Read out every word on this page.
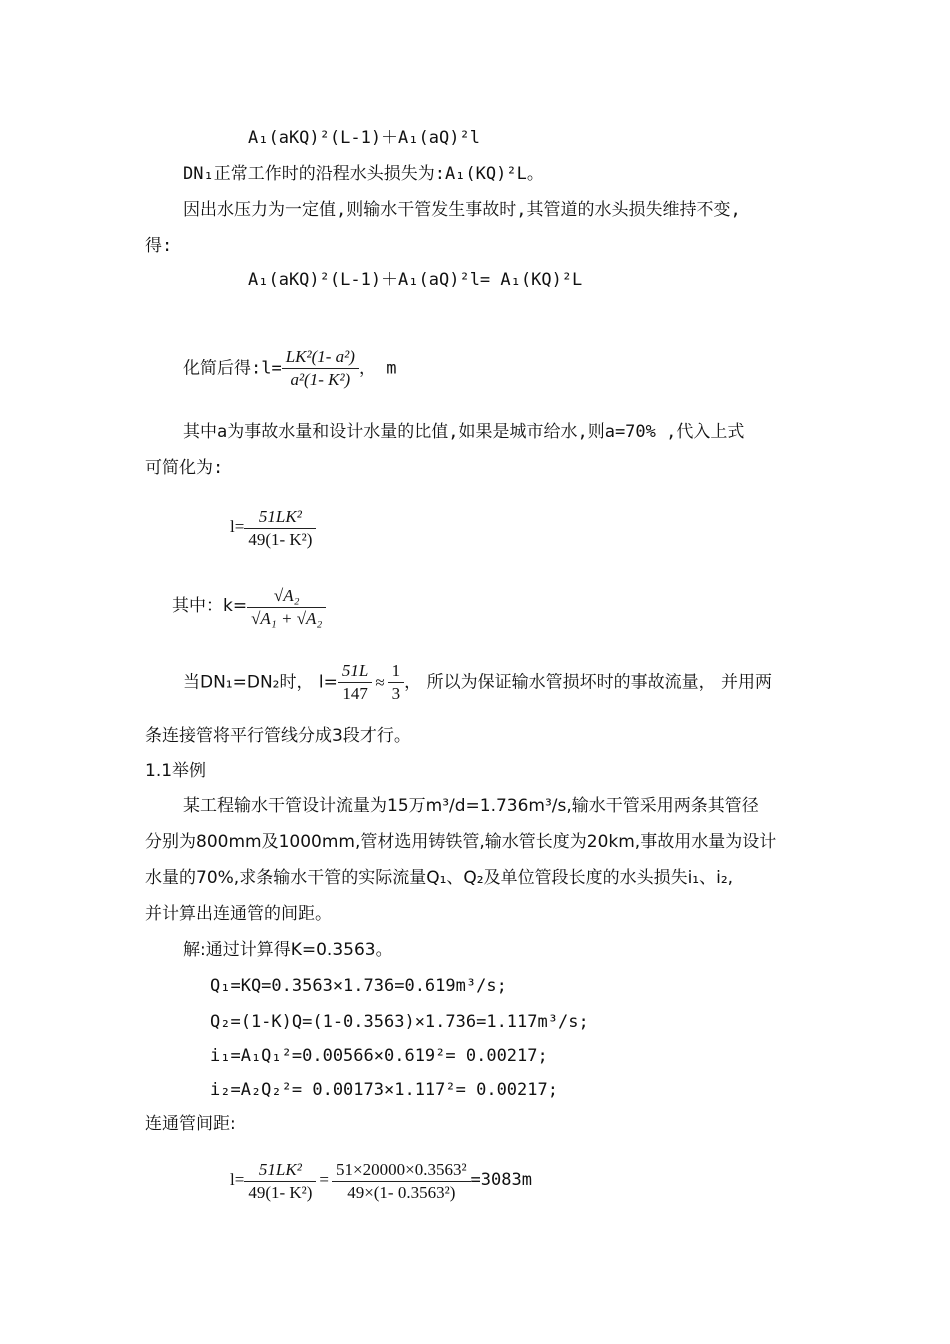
A₁(aKQ)²(L-1)＋A₁(aQ)²l
DN₁正常工作时的沿程水头损失为:A₁(KQ)²L。
因出水压力为一定值,则输水干管发生事故时,其管道的水头损失维持不变,
得:
A₁(aKQ)²(L-1)＋A₁(aQ)²l= A₁(KQ)²L
化简后得:l= $\frac{\text{LK²(1- a²)}}{\text{a²(1- K²)}}$ ， m
其中a为事故水量和设计水量的比值,如果是城市给水,则a=70% ,代入上式
可简化为:
$l= \frac{\text{51LK²}}{\text{49(1- K²)}}$
其中：$k= \frac{\text{√A₂}}{\text{√A₁ + √A₂}}$
当DN₁=DN₂时， $l= \frac{51L}{147} \approx \frac{1}{3}$ ， 所以为保证输水管损坏时的事故流量， 并用两
条连接管将平行管线分成3段才行。
1.1举例
某工程输水干管设计流量为15万m³/d=1.736m³/s,输水干管采用两条其管径
分别为800mm及1000mm,管材选用铸铁管,输水管长度为20km,事故用水量为设计
水量的70%,求条输水干管的实际流量Q₁、Q₂及单位管段长度的水头损失i₁、i₂,
并计算出连通管的间距。
解:通过计算得K=0.3563。
Q₁=KQ=0.3563×1.736=0.619m³/s;
Q₂=(1-K)Q=(1-0.3563)×1.736=1.117m³/s;
i₁=A₁Q₁²=0.00566×0.619²= 0.00217;
i₂=A₂Q₂²= 0.00173×1.117²= 0.00217;
连通管间距:
$l= \frac{\text{51LK²}}{\text{49(1- K²)}} = \frac{\text{51×20000×0.3563²}}{\text{49×(1- 0.3563²)}} =3083m$
